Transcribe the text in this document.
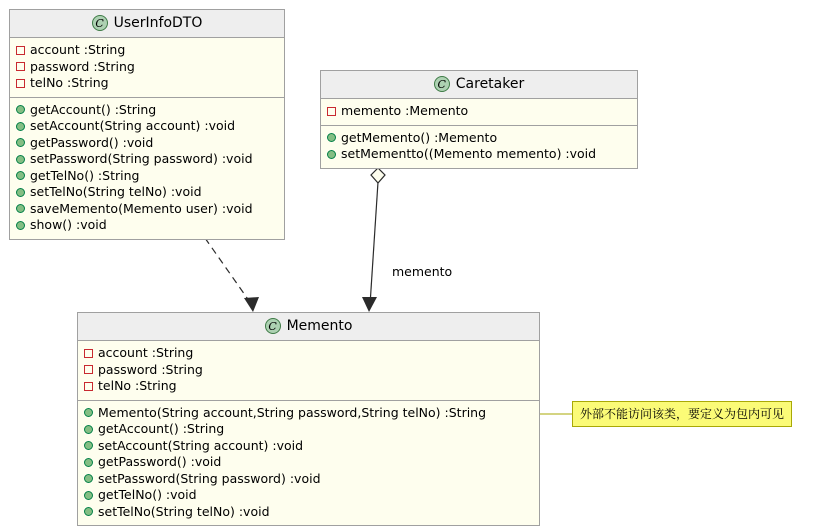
C UserInfoDTO
account :String
password :String
telNo :String
getAccount() :String
setAccount(String account) :void
getPassword() :void
setPassword(String password) :void
getTelNo() :String
setTelNo(String telNo) :void
saveMemento(Memento user) :void
show() :void
C Caretaker
memento :Memento
getMemento() :Memento
setMementto((Memento memento) :void
C Memento
account :String
password :String
telNo :String
Memento(String account,String password,String telNo) :String
getAccount() :String
setAccount(String account) :void
getPassword() :void
setPassword(String password) :void
getTelNo() :void
setTelNo(String telNo) :void
外部不能访问该类，要定义为包内可见
memento
